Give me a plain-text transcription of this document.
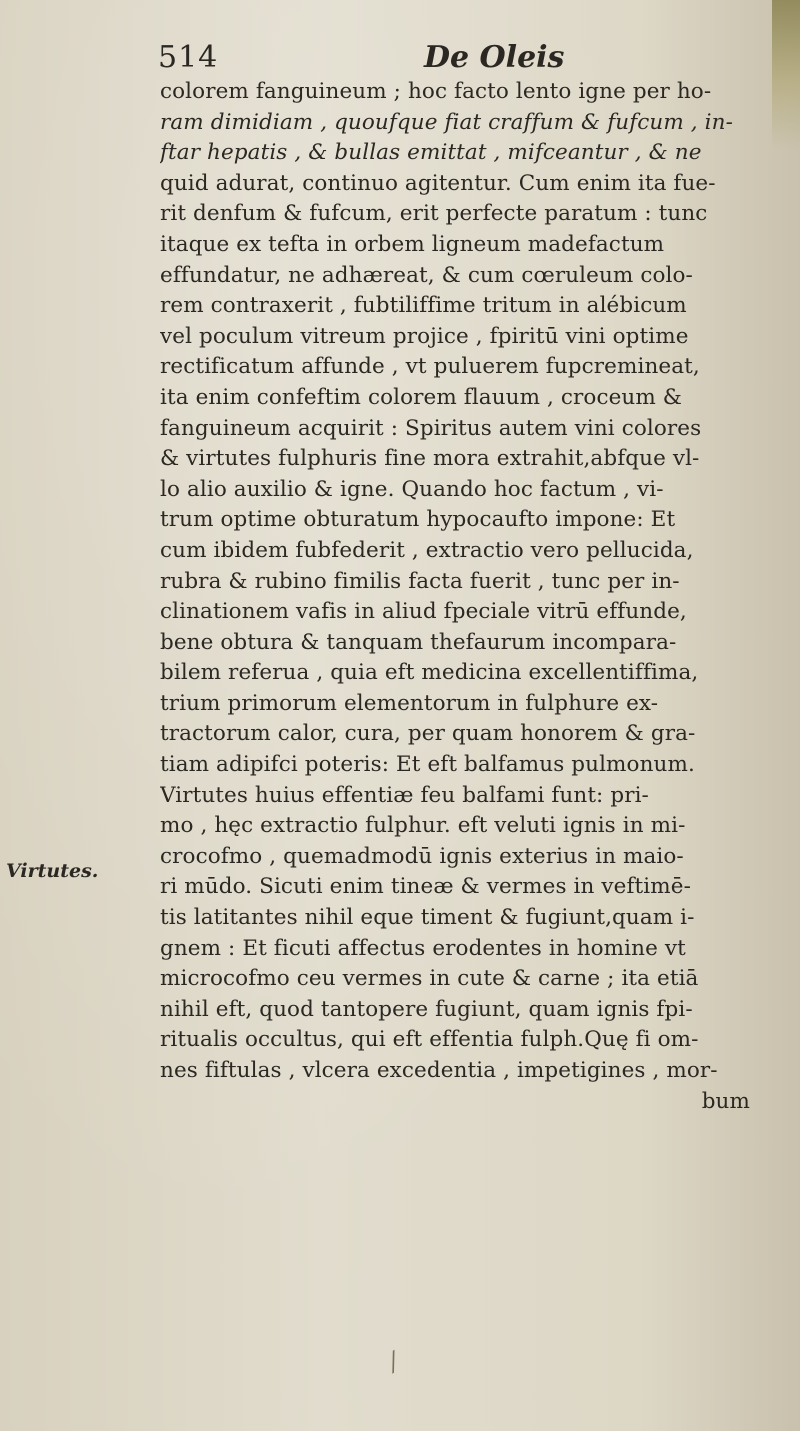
514	De Oleis
Virtutes.
colorem fanguineum ; hoc facto lento igne per ho-
ram dimidiam , quoufque fiat craffum & fufcum , in-
ftar hepatis , & bullas emittat , mifceantur , & ne
quid adurat, continuo agitentur. Cum enim ita fue-
rit denfum & fufcum, erit perfecte paratum : tunc
itaque ex tefta in orbem ligneum madefactum
effundatur, ne adhæreat, & cum cœruleum colo-
rem contraxerit , fubtiliffime tritum in alébicum
vel poculum vitreum projice , fpiritū vini optime
rectificatum affunde , vt puluerem fupcremineat,
ita enim confeftim colorem flauum , croceum &
fanguineum acquirit : Spiritus autem vini colores
& virtutes fulphuris fine mora extrahit,abfque vl-
lo alio auxilio & igne. Quando hoc factum , vi-
trum optime obturatum hypocaufto impone: Et
cum ibidem fubfederit , extractio vero pellucida,
rubra & rubino fimilis facta fuerit , tunc per in-
clinationem vafis in aliud fpeciale vitrū effunde,
bene obtura & tanquam thefaurum incompara-
bilem referua , quia eft medicina excellentiffima,
trium primorum elementorum in fulphure ex-
tractorum calor, cura, per quam honorem & gra-
tiam adipifci poteris: Et eft balfamus pulmonum.
Virtutes huius effentiæ feu balfami funt: pri-
mo , hęc extractio fulphur. eft veluti ignis in mi-
crocofmo , quemadmodū ignis exterius in maio-
ri mūdo. Sicuti enim tineæ & vermes in veftimē-
tis latitantes nihil eque timent & fugiunt,quam i-
gnem : Et ficuti affectus erodentes in homine vt
microcofmo ceu vermes in cute & carne ; ita etiā
nihil eft, quod tantopere fugiunt, quam ignis fpi-
ritualis occultus, qui eft effentia fulph.Quę fi om-
nes fiftulas , vlcera excedentia , impetigines , mor-
bum
⁄
